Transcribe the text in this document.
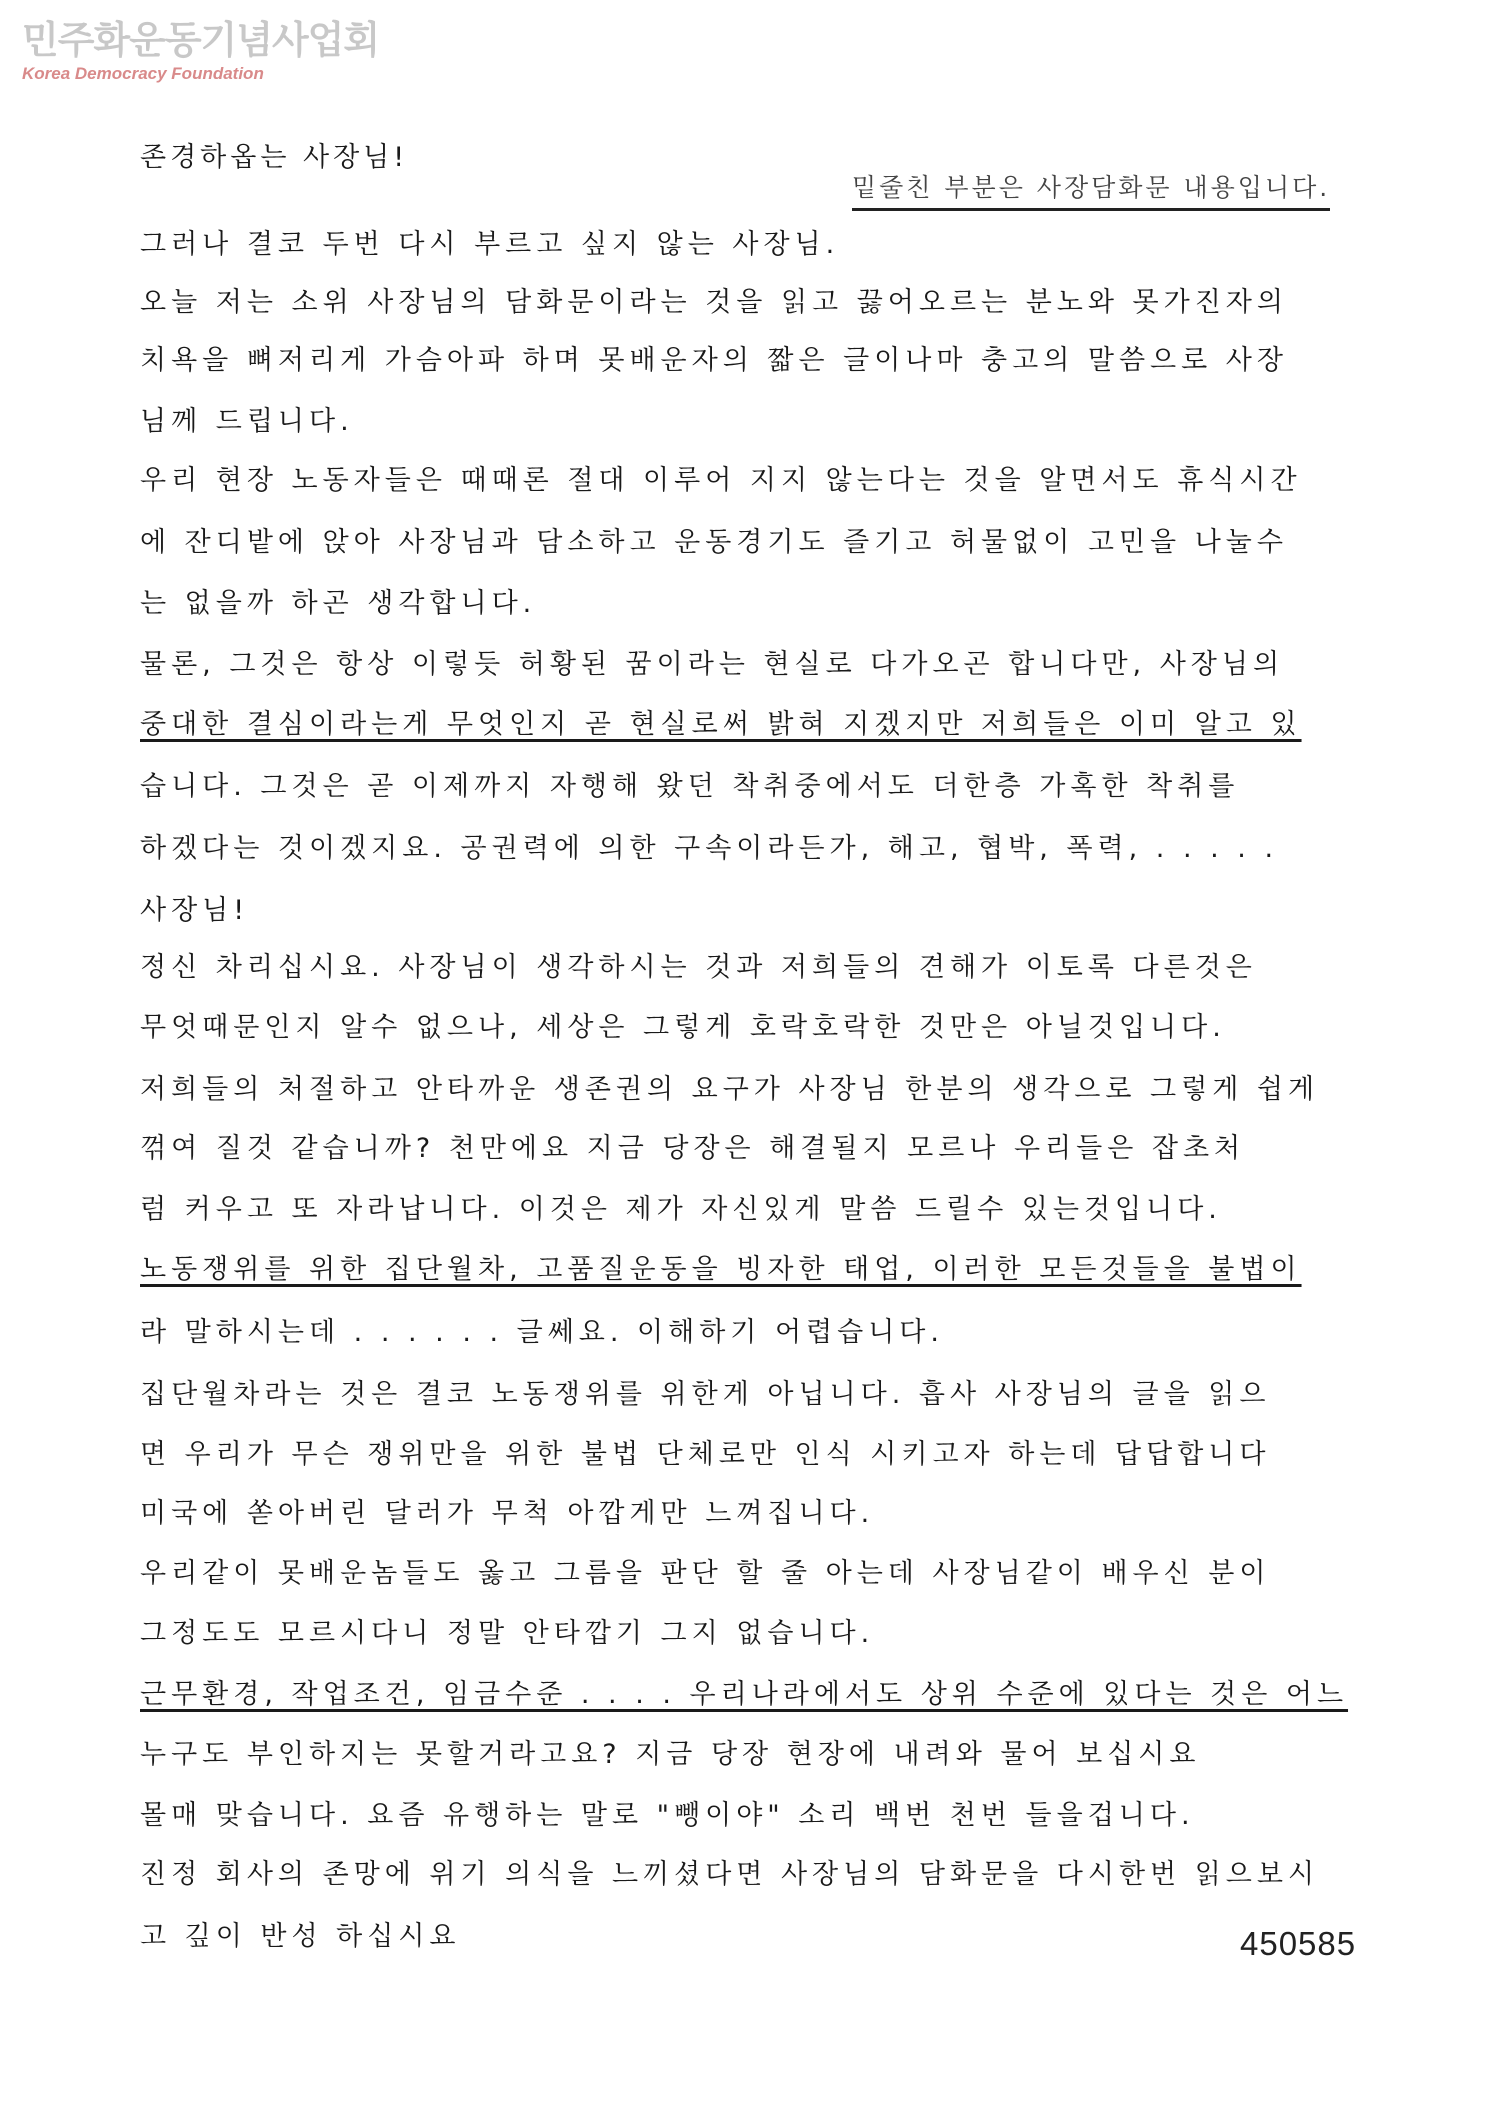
민주화운동기념사업회
Korea Democracy Foundation
존경하옵는 사장님!
밑줄친 부분은 사장담화문 내용입니다.
그러나 결코 두번 다시 부르고 싶지 않는 사장님.
오늘 저는 소위 사장님의 담화문이라는 것을 읽고 끓어오르는 분노와 못가진자의
치욕을 뼈저리게 가슴아파 하며 못배운자의 짧은 글이나마 충고의 말씀으로 사장
님께 드립니다.
우리 현장 노동자들은 때때론 절대 이루어 지지 않는다는 것을 알면서도 휴식시간
에 잔디밭에 앉아 사장님과 담소하고 운동경기도 즐기고 허물없이 고민을 나눌수
는 없을까 하곤 생각합니다.
물론, 그것은 항상 이렇듯 허황된 꿈이라는 현실로 다가오곤 합니다만, 사장님의
중대한 결심이라는게 무엇인지 곧 현실로써 밝혀 지겠지만 저희들은 이미 알고 있
습니다. 그것은 곧 이제까지 자행해 왔던 착취중에서도 더한층 가혹한 착취를
하겠다는 것이겠지요. 공권력에 의한 구속이라든가, 해고, 협박, 폭력, . . . . .
사장님!
정신 차리십시요. 사장님이 생각하시는 것과 저희들의 견해가 이토록 다른것은
무엇때문인지 알수 없으나, 세상은 그렇게 호락호락한 것만은 아닐것입니다.
저희들의 처절하고 안타까운 생존권의 요구가 사장님 한분의 생각으로 그렇게 쉽게
꺾여 질것 같습니까? 천만에요 지금 당장은 해결될지 모르나 우리들은 잡초처
럼 커우고 또 자라납니다. 이것은 제가 자신있게 말씀 드릴수 있는것입니다.
노동쟁위를 위한 집단월차, 고품질운동을 빙자한 태업, 이러한 모든것들을 불법이
라 말하시는데 . . . . . . 글쎄요. 이해하기 어렵습니다.
집단월차라는 것은 결코 노동쟁위를 위한게 아닙니다. 흡사 사장님의 글을 읽으
면 우리가 무슨 쟁위만을 위한 불법 단체로만 인식 시키고자 하는데 답답합니다
미국에 쏟아버린 달러가 무척 아깝게만 느껴집니다.
우리같이 못배운놈들도 옳고 그름을 판단 할 줄 아는데 사장님같이 배우신 분이
그정도도 모르시다니 정말 안타깝기 그지 없습니다.
근무환경, 작업조건, 임금수준 . . . . 우리나라에서도 상위 수준에 있다는 것은 어느
누구도 부인하지는 못할거라고요? 지금 당장 현장에 내려와 물어 보십시요
몰매 맞습니다. 요즘 유행하는 말로 "뺑이야" 소리 백번 천번 들을겁니다.
진정 회사의 존망에 위기 의식을 느끼셨다면 사장님의 담화문을 다시한번 읽으보시
고 깊이 반성 하십시요	450585
